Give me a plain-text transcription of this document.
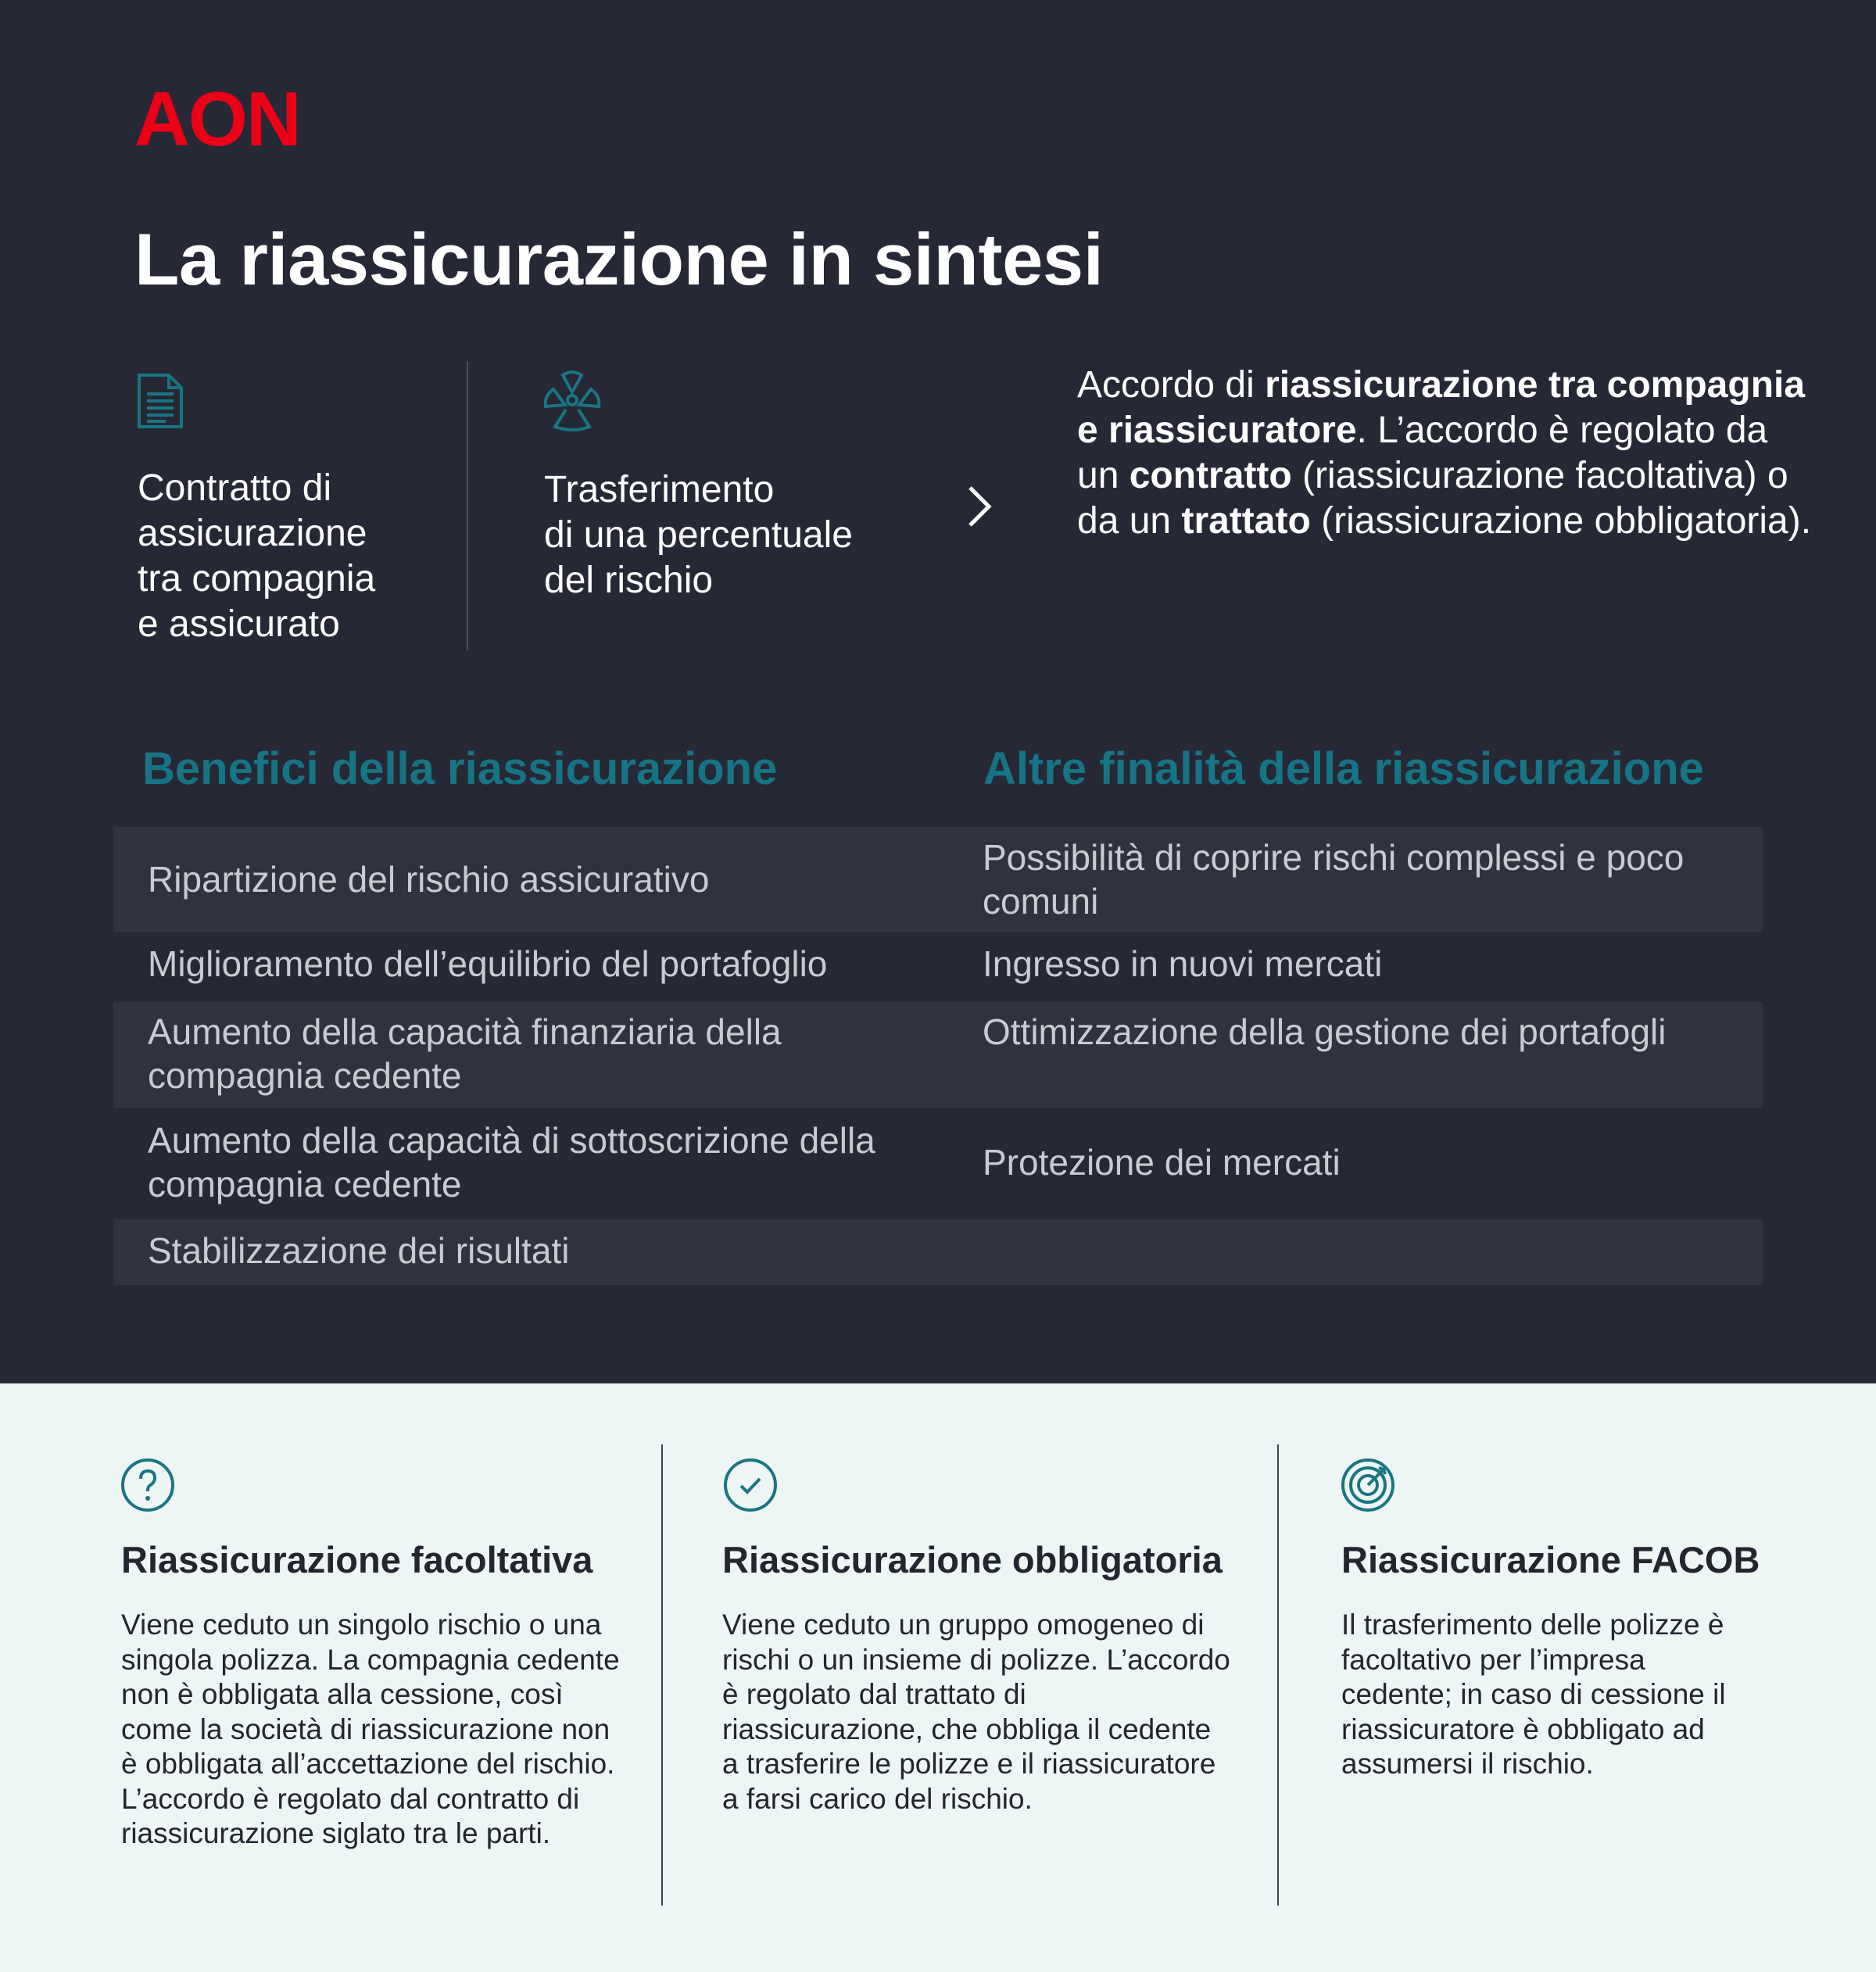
AON
La riassicurazione in sintesi
Contratto di
assicurazione
tra compagnia
e assicurato
Trasferimento
di una percentuale
del rischio

Accordo di riassicurazione tra compagnia e riassicuratore. L’accordo è regolato da un contratto (riassicurazione facoltativa) o da un trattato (riassicurazione obbligatoria).

Benefici della riassicurazione	Altre finalità della riassicurazione
Ripartizione del rischio assicurativo
Possibilità di coprire rischi complessi e poco comuni
Miglioramento dell’equilibrio del portafoglio	Ingresso in nuovi mercati
Aumento della capacità finanziaria della compagnia cedente
Ottimizzazione della gestione dei portafogli
Aumento della capacità di sottoscrizione della compagnia cedente
Protezione dei mercati
Stabilizzazione dei risultati
Riassicurazione facoltativa

Viene ceduto un singolo rischio o una singola polizza. La compagnia cedente non è obbligata alla cessione, così come la società di riassicurazione non è obbligata all’accettazione del rischio. L’accordo è regolato dal contratto di riassicurazione siglato tra le parti.

Riassicurazione obbligatoria

Viene ceduto un gruppo omogeneo di rischi o un insieme di polizze. L’accordo è regolato dal trattato di riassicurazione, che obbliga il cedente a trasferire le polizze e il riassicuratore a farsi carico del rischio.

Riassicurazione FACOB

Il trasferimento delle polizze è facoltativo per l’impresa cedente; in caso di cessione il riassicuratore è obbligato ad assumersi il rischio.
